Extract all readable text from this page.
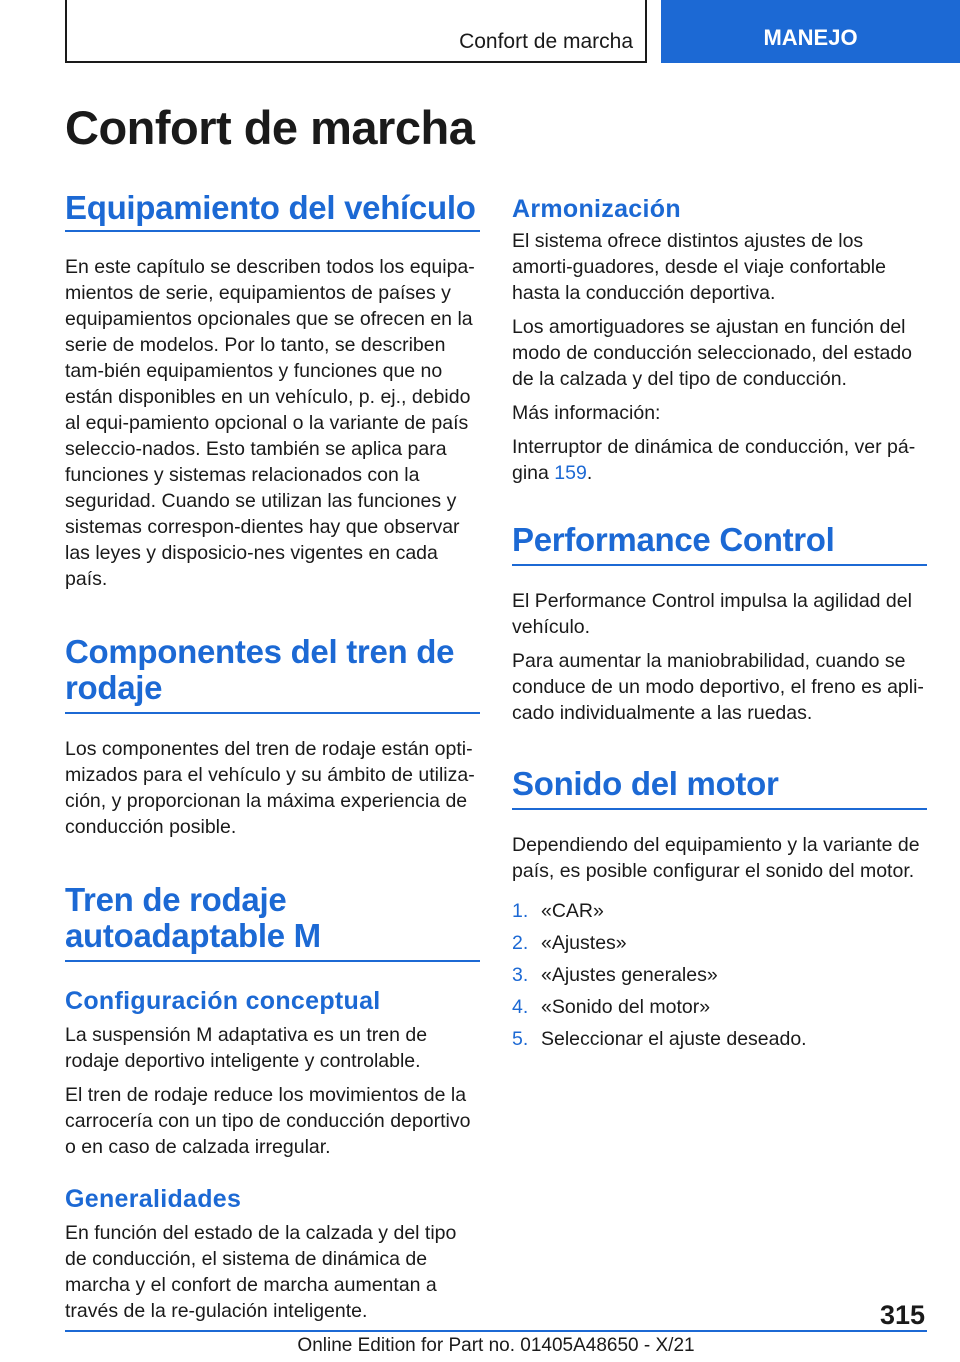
Confort de marcha	MANEJO
Confort de marcha
Equipamiento del vehículo

En este capítulo se describen todos los equipa-mientos de serie, equipamientos de países y equipamientos opcionales que se ofrecen en la serie de modelos. Por lo tanto, se describen tam-bién equipamientos y funciones que no están disponibles en un vehículo, p. ej., debido al equi-pamiento opcional o la variante de país seleccio-nados. Esto también se aplica para funciones y sistemas relacionados con la seguridad. Cuando se utilizan las funciones y sistemas correspon-dientes hay que observar las leyes y disposicio-nes vigentes en cada país.

Componentes del tren de rodaje

Los componentes del tren de rodaje están opti-mizados para el vehículo y su ámbito de utiliza-ción, y proporcionan la máxima experiencia de conducción posible.

Tren de rodaje autoadaptable M
Configuración conceptual

La suspensión M adaptativa es un tren de rodaje deportivo inteligente y controlable.

El tren de rodaje reduce los movimientos de la carrocería con un tipo de conducción deportivo o en caso de calzada irregular.

Generalidades

En función del estado de la calzada y del tipo de conducción, el sistema de dinámica de marcha y el confort de marcha aumentan a través de la re-gulación inteligente.

Armonización

El sistema ofrece distintos ajustes de los amorti-guadores, desde el viaje confortable hasta la conducción deportiva.

Los amortiguadores se ajustan en función del modo de conducción seleccionado, del estado de la calzada y del tipo de conducción.

Más información:

Interruptor de dinámica de conducción, ver pá-gina 159.

Performance Control

El Performance Control impulsa la agilidad del vehículo.

Para aumentar la maniobrabilidad, cuando se conduce de un modo deportivo, el freno es apli-cado individualmente a las ruedas.

Sonido del motor

Dependiendo del equipamiento y la variante de país, es posible configurar el sonido del motor.

1. «CAR»
2. «Ajustes»
3. «Ajustes generales»
4. «Sonido del motor»
5. Seleccionar el ajuste deseado.
315
Online Edition for Part no. 01405A48650 - X/21
